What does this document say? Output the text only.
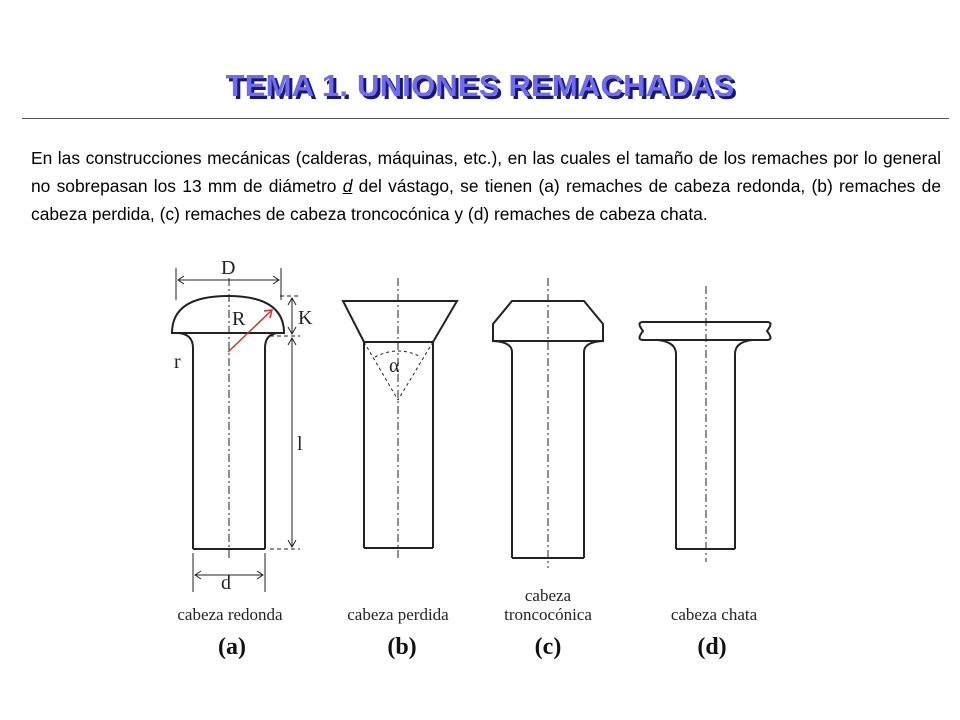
TEMA 1. UNIONES REMACHADAS

En las construcciones mecánicas (calderas, máquinas, etc.), en las cuales el tamaño de los remaches por lo general no sobrepasan los 13 mm de diámetro d del vástago, se tienen (a) remaches de cabeza redonda, (b) remaches de cabeza perdida, (c) remaches de cabeza troncocónica y (d) remaches de cabeza chata.

D
K
R
r
l
d
α
cabeza redonda
(a)
cabeza perdida
(b)
cabeza
troncocónica
(c)
cabeza chata
(d)
